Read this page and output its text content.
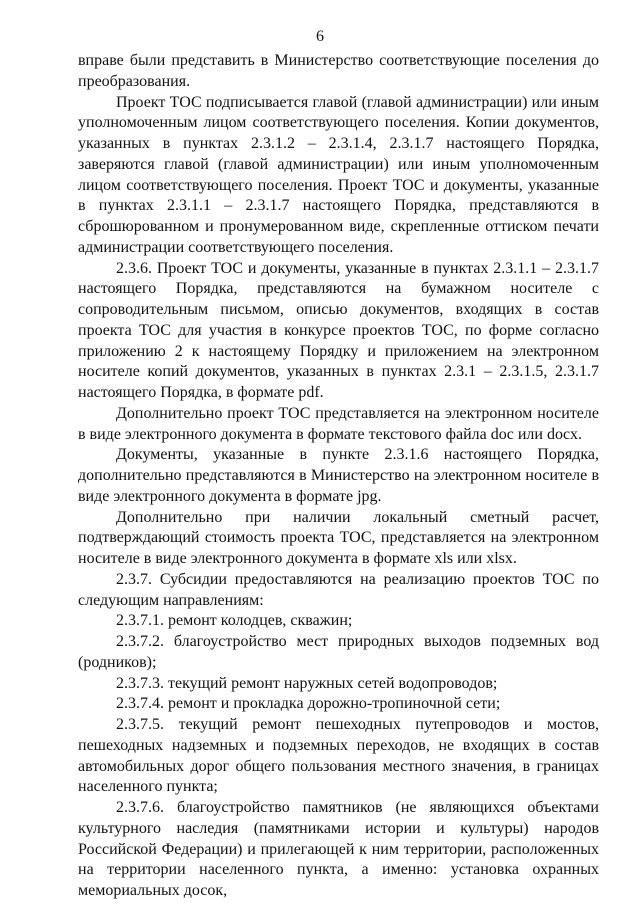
6

вправе были представить в Министерство соответствующие поселения до преобразования.

Проект ТОС подписывается главой (главой администрации) или иным уполномоченным лицом соответствующего поселения. Копии документов, указанных в пунктах 2.3.1.2 – 2.3.1.4, 2.3.1.7 настоящего Порядка, заверяются главой (главой администрации) или иным уполномоченным лицом соответствующего поселения. Проект ТОС и документы, указанные в пунктах 2.3.1.1 – 2.3.1.7 настоящего Порядка, представляются в сброшюрованном и пронумерованном виде, скрепленные оттиском печати администрации соответствующего поселения.

2.3.6. Проект ТОС и документы, указанные в пунктах 2.3.1.1 – 2.3.1.7 настоящего Порядка, представляются на бумажном носителе с сопроводительным письмом, описью документов, входящих в состав проекта ТОС для участия в конкурсе проектов ТОС, по форме согласно приложению 2 к настоящему Порядку и приложением на электронном носителе копий документов, указанных в пунктах 2.3.1 – 2.3.1.5, 2.3.1.7 настоящего Порядка, в формате pdf.

Дополнительно проект ТОС представляется на электронном носителе в виде электронного документа в формате текстового файла doc или docx.

Документы, указанные в пункте 2.3.1.6 настоящего Порядка, дополнительно представляются в Министерство на электронном носителе в виде электронного документа в формате jpg.

Дополнительно при наличии локальный сметный расчет, подтверждающий стоимость проекта ТОС, представляется на электронном носителе в виде электронного документа в формате xls или xlsx.

2.3.7. Субсидии предоставляются на реализацию проектов ТОС по следующим направлениям:

2.3.7.1. ремонт колодцев, скважин;

2.3.7.2. благоустройство мест природных выходов подземных вод (родников);

2.3.7.3. текущий ремонт наружных сетей водопроводов;

2.3.7.4. ремонт и прокладка дорожно-тропиночной сети;

2.3.7.5. текущий ремонт пешеходных путепроводов и мостов, пешеходных надземных и подземных переходов, не входящих в состав автомобильных дорог общего пользования местного значения, в границах населенного пункта;

2.3.7.6. благоустройство памятников (не являющихся объектами культурного наследия (памятниками истории и культуры) народов Российской Федерации) и прилегающей к ним территории, расположенных на территории населенного пункта, а именно: установка охранных мемориальных досок,
